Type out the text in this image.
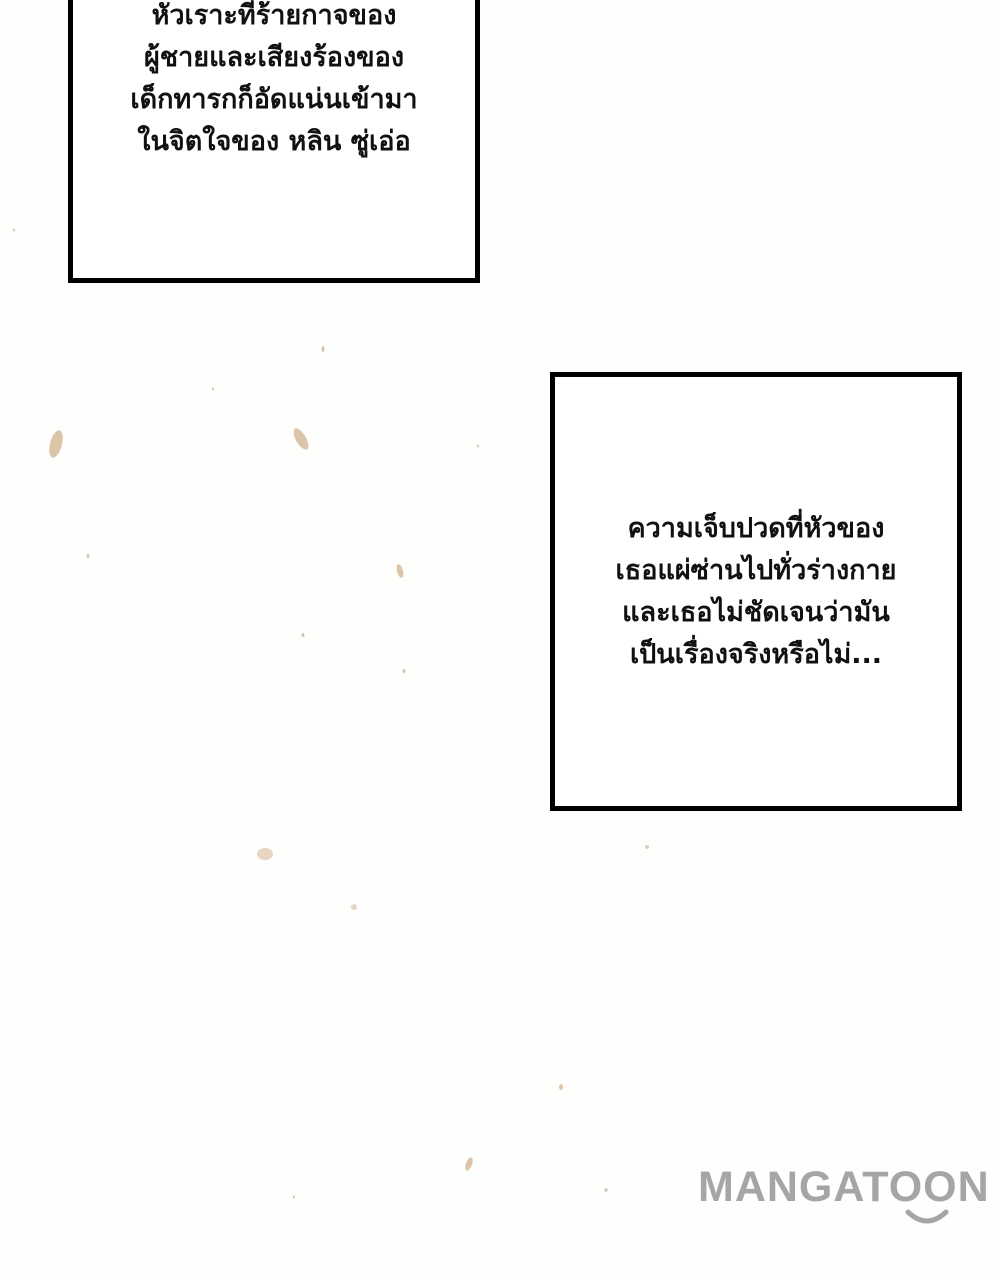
หัวเราะที่ร้ายกาจของ
ผู้ชายและเสียงร้องของ
เด็กทารกก็อัดแน่นเข้ามา
ในจิตใจของ หลิน ซู่เอ่อ
ความเจ็บปวดที่หัวของ
เธอแผ่ซ่านไปทั่วร่างกาย
และเธอไม่ชัดเจนว่ามัน
เป็นเรื่องจริงหรือไม่...
MANGATOON
